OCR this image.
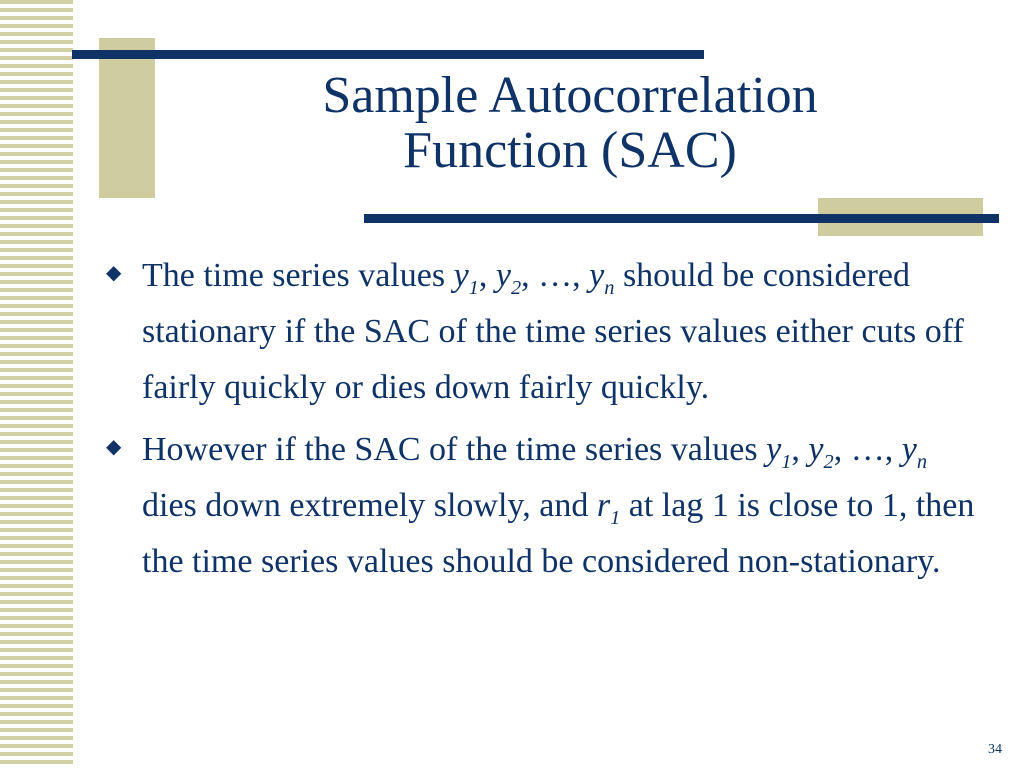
Sample Autocorrelation
Function (SAC)
◆ The time series values $y_1$, $y_2$, …, $y_n$ should be considered stationary if the SAC of the time series values either cuts off fairly quickly or dies down fairly quickly.
◆ However if the SAC of the time series values $y_1$, $y_2$, …, $y_n$ dies down extremely slowly, and $r_1$ at lag 1 is close to 1, then the time series values should be considered non-stationary.
34
